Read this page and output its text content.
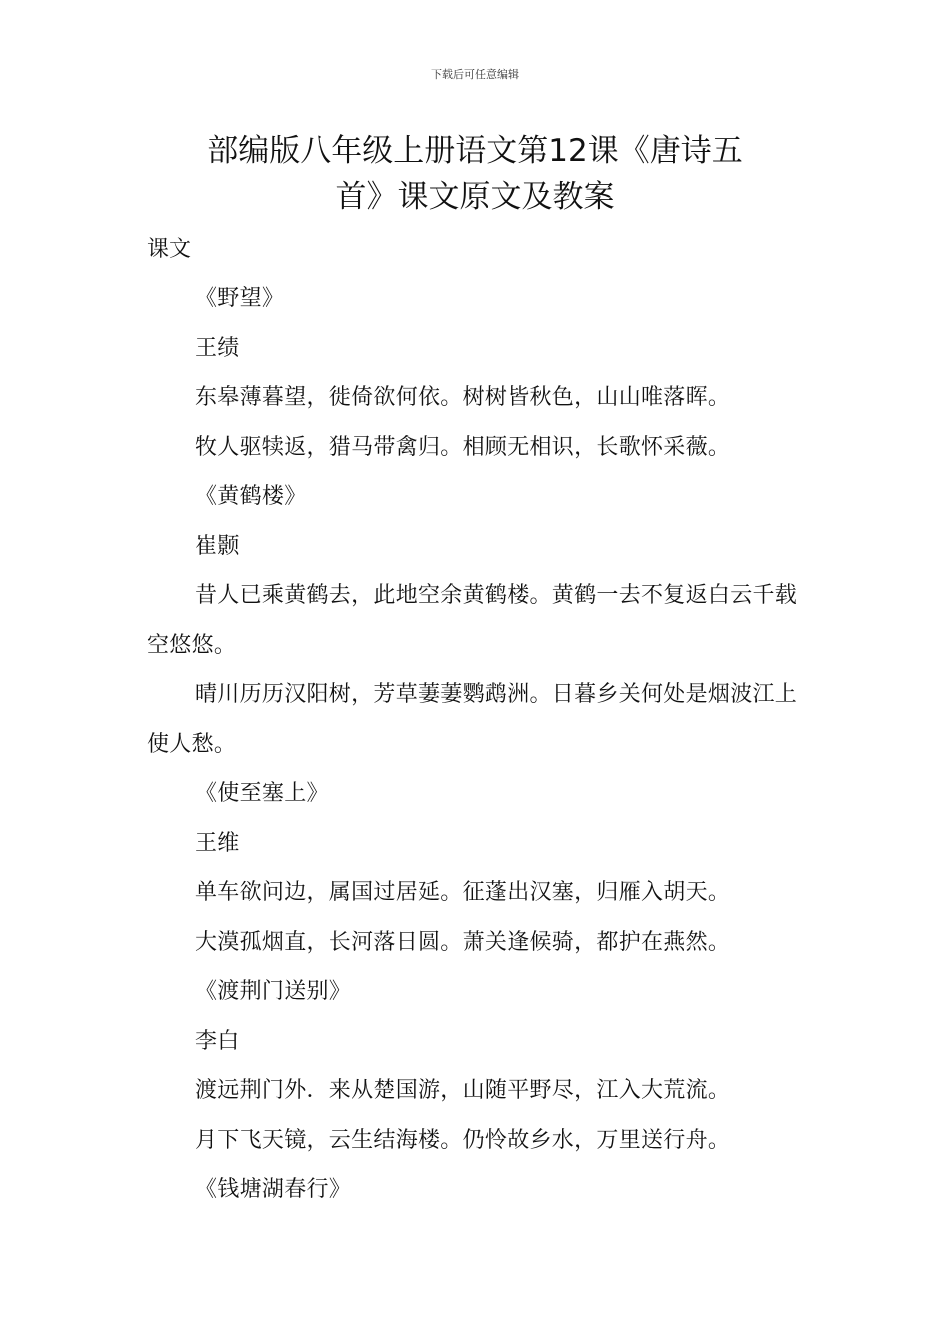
下载后可任意编辑
部编版八年级上册语文第12课《唐诗五
首》课文原文及教案
课文

《野望》

王绩

东皋薄暮望，徙倚欲何依。树树皆秋色，山山唯落晖。

牧人驱犊返，猎马带禽归。相顾无相识，长歌怀采薇。

《黄鹤楼》

崔颢

昔人已乘黄鹤去，此地空余黄鹤楼。黄鹤一去不复返白云千载空悠悠。

晴川历历汉阳树，芳草萋萋鹦鹉洲。日暮乡关何处是烟波江上使人愁。

《使至塞上》

王维

单车欲问边，属国过居延。征蓬出汉塞，归雁入胡天。

大漠孤烟直，长河落日圆。萧关逢候骑，都护在燕然。

《渡荆门送别》

李白

渡远荆门外．来从楚国游，山随平野尽，江入大荒流。

月下飞天镜，云生结海楼。仍怜故乡水，万里送行舟。

《钱塘湖春行》
